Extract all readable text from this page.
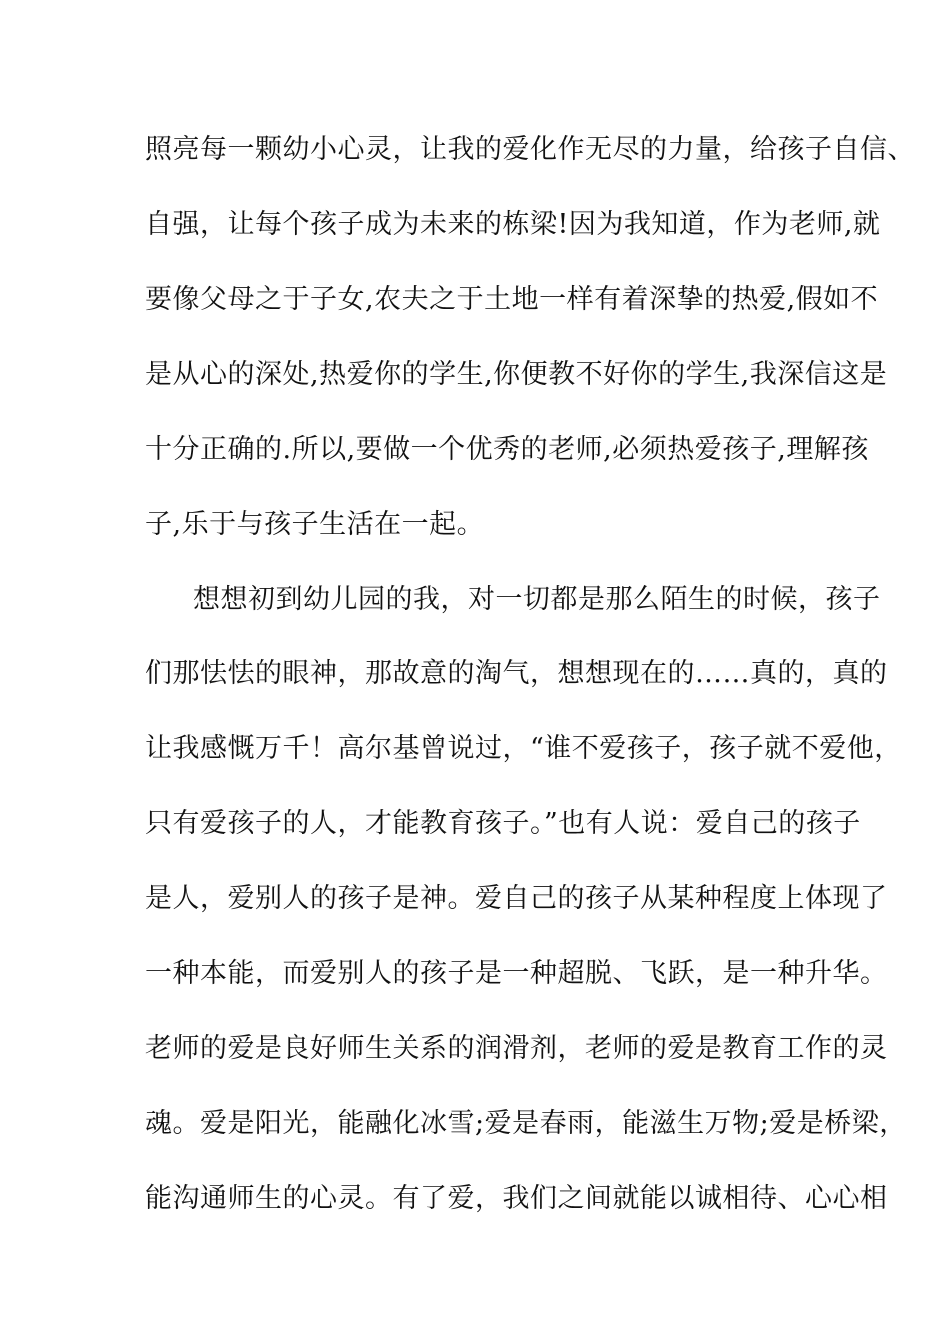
照亮每一颗幼小心灵，让我的爱化作无尽的力量，给孩子自信、
自强，让每个孩子成为未来的栋梁!因为我知道，作为老师,就
要像父母之于子女,农夫之于土地一样有着深挚的热爱,假如不
是从心的深处,热爱你的学生,你便教不好你的学生,我深信这是
十分正确的.所以,要做一个优秀的老师,必须热爱孩子,理解孩
子,乐于与孩子生活在一起。
想想初到幼儿园的我，对一切都是那么陌生的时候，孩子
们那怯怯的眼神，那故意的淘气，想想现在的……真的，真的
让我感慨万千！高尔基曾说过，“谁不爱孩子，孩子就不爱他，
只有爱孩子的人，才能教育孩子。”也有人说：爱自己的孩子
是人，爱别人的孩子是神。爱自己的孩子从某种程度上体现了
一种本能，而爱别人的孩子是一种超脱、飞跃，是一种升华。
老师的爱是良好师生关系的润滑剂，老师的爱是教育工作的灵
魂。爱是阳光，能融化冰雪;爱是春雨，能滋生万物;爱是桥梁，
能沟通师生的心灵。有了爱，我们之间就能以诚相待、心心相
